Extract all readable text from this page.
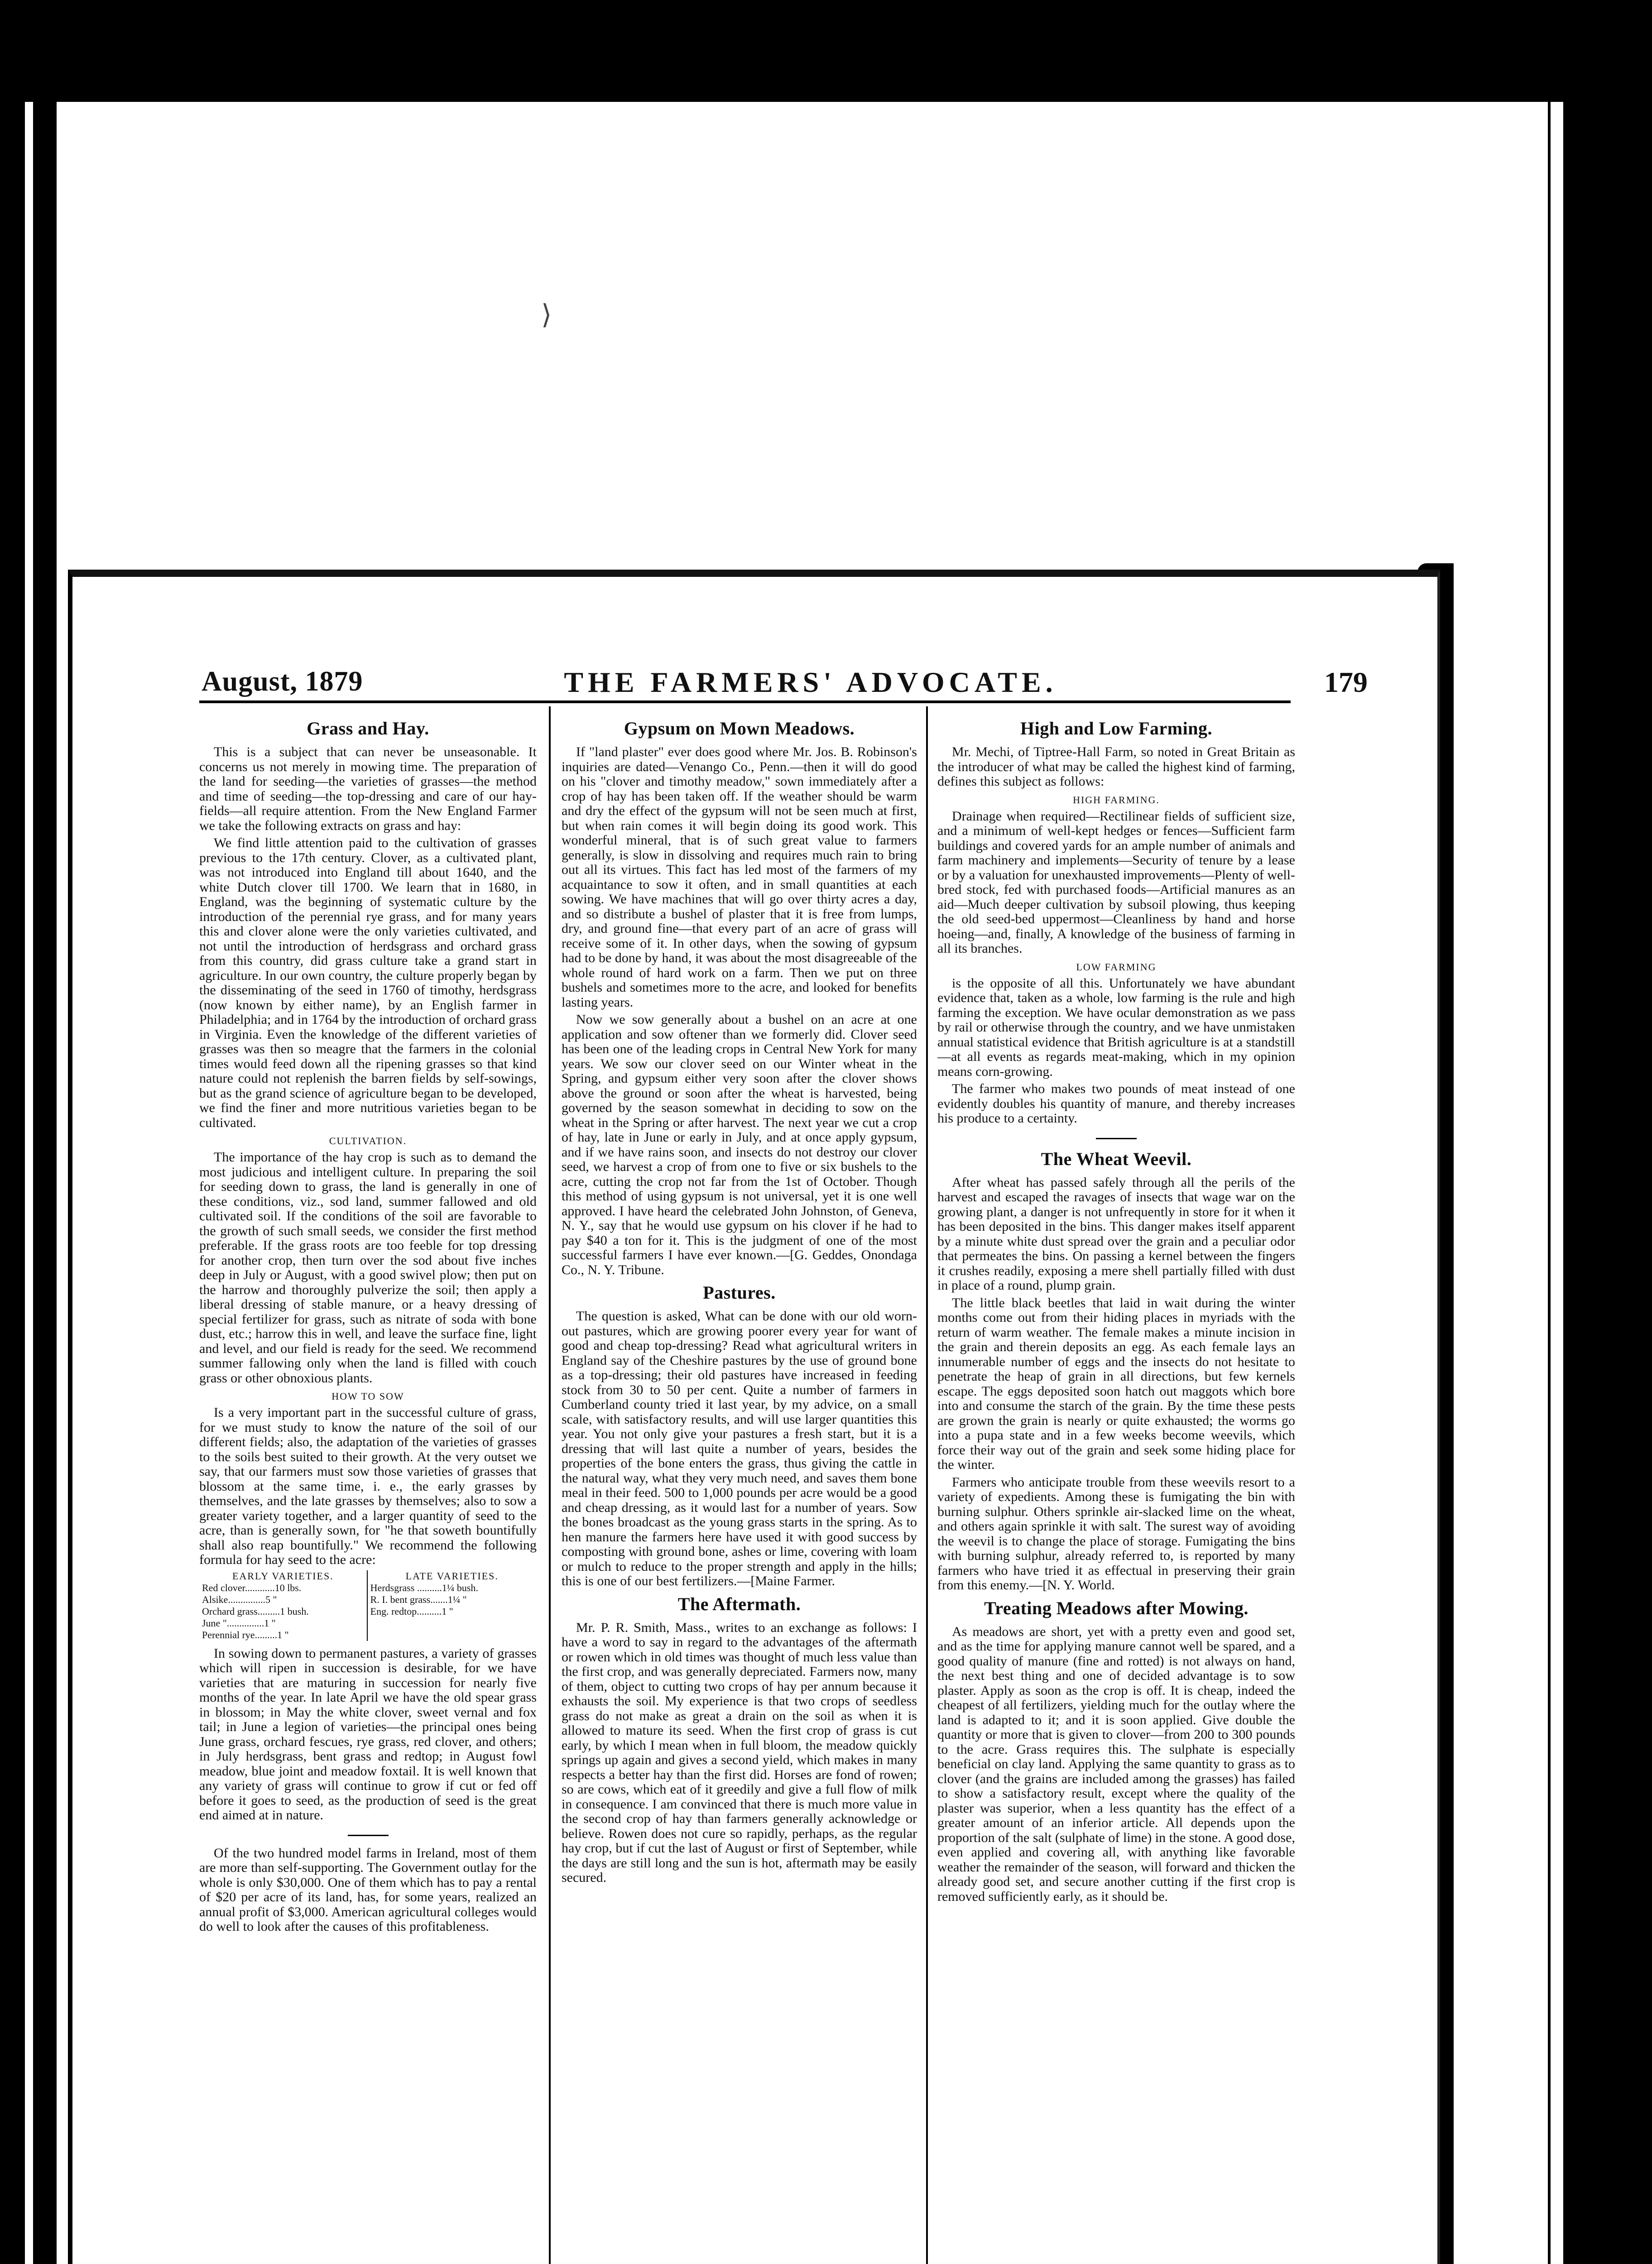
⟩
August, 1879	THE FARMERS' ADVOCATE.	179
Grass and Hay.

This is a subject that can never be unseasonable. It concerns us not merely in mowing time. The preparation of the land for seeding—the varieties of grasses—the method and time of seeding—the top-dressing and care of our hay-fields—all require attention. From the New England Farmer we take the following extracts on grass and hay:

We find little attention paid to the cultivation of grasses previous to the 17th century. Clover, as a cultivated plant, was not introduced into England till about 1640, and the white Dutch clover till 1700. We learn that in 1680, in England, was the beginning of systematic culture by the introduction of the perennial rye grass, and for many years this and clover alone were the only varieties cultivated, and not until the introduction of herdsgrass and orchard grass from this country, did grass culture take a grand start in agriculture. In our own country, the culture properly began by the disseminating of the seed in 1760 of timothy, herdsgrass (now known by either name), by an English farmer in Philadelphia; and in 1764 by the introduction of orchard grass in Virginia. Even the knowledge of the different varieties of grasses was then so meagre that the farmers in the colonial times would feed down all the ripening grasses so that kind nature could not replenish the barren fields by self-sowings, but as the grand science of agriculture began to be developed, we find the finer and more nutritious varieties began to be cultivated.

CULTIVATION.

The importance of the hay crop is such as to demand the most judicious and intelligent culture. In preparing the soil for seeding down to grass, the land is generally in one of these conditions, viz., sod land, summer fallowed and old cultivated soil. If the conditions of the soil are favorable to the growth of such small seeds, we consider the first method preferable. If the grass roots are too feeble for top dressing for another crop, then turn over the sod about five inches deep in July or August, with a good swivel plow; then put on the harrow and thoroughly pulverize the soil; then apply a liberal dressing of stable manure, or a heavy dressing of special fertilizer for grass, such as nitrate of soda with bone dust, etc.; harrow this in well, and leave the surface fine, light and level, and our field is ready for the seed. We recommend summer fallowing only when the land is filled with couch grass or other obnoxious plants.

HOW TO SOW

Is a very important part in the successful culture of grass, for we must study to know the nature of the soil of our different fields; also, the adaptation of the varieties of grasses to the soils best suited to their growth. At the very outset we say, that our farmers must sow those varieties of grasses that blossom at the same time, i. e., the early grasses by themselves, and the late grasses by themselves; also to sow a greater variety together, and a larger quantity of seed to the acre, than is generally sown, for "he that soweth bountifully shall also reap bountifully." We recommend the following formula for hay seed to the acre:

EARLY VARIETIES.	LATE VARIETIES.
Red clover............10 lbs.	Herdsgrass ..........1¼ bush.
Alsike...............5 "	R. I. bent grass.......1¼ "
Orchard grass.........1 bush.	Eng. redtop..........1 "
June "...............1 "	
Perennial rye.........1 "	

In sowing down to permanent pastures, a variety of grasses which will ripen in succession is desirable, for we have varieties that are maturing in succession for nearly five months of the year. In late April we have the old spear grass in blossom; in May the white clover, sweet vernal and fox tail; in June a legion of varieties—the principal ones being June grass, orchard fescues, rye grass, red clover, and others; in July herdsgrass, bent grass and redtop; in August fowl meadow, blue joint and meadow foxtail. It is well known that any variety of grass will continue to grow if cut or fed off before it goes to seed, as the production of seed is the great end aimed at in nature.

Of the two hundred model farms in Ireland, most of them are more than self-supporting. The Government outlay for the whole is only $30,000. One of them which has to pay a rental of $20 per acre of its land, has, for some years, realized an annual profit of $3,000. American agricultural colleges would do well to look after the causes of this profitableness.

Gypsum on Mown Meadows.

If "land plaster" ever does good where Mr. Jos. B. Robinson's inquiries are dated—Venango Co., Penn.—then it will do good on his "clover and timothy meadow," sown immediately after a crop of hay has been taken off. If the weather should be warm and dry the effect of the gypsum will not be seen much at first, but when rain comes it will begin doing its good work. This wonderful mineral, that is of such great value to farmers generally, is slow in dissolving and requires much rain to bring out all its virtues. This fact has led most of the farmers of my acquaintance to sow it often, and in small quantities at each sowing. We have machines that will go over thirty acres a day, and so distribute a bushel of plaster that it is free from lumps, dry, and ground fine—that every part of an acre of grass will receive some of it. In other days, when the sowing of gypsum had to be done by hand, it was about the most disagreeable of the whole round of hard work on a farm. Then we put on three bushels and sometimes more to the acre, and looked for benefits lasting years.

Now we sow generally about a bushel on an acre at one application and sow oftener than we formerly did. Clover seed has been one of the leading crops in Central New York for many years. We sow our clover seed on our Winter wheat in the Spring, and gypsum either very soon after the clover shows above the ground or soon after the wheat is harvested, being governed by the season somewhat in deciding to sow on the wheat in the Spring or after harvest. The next year we cut a crop of hay, late in June or early in July, and at once apply gypsum, and if we have rains soon, and insects do not destroy our clover seed, we harvest a crop of from one to five or six bushels to the acre, cutting the crop not far from the 1st of October. Though this method of using gypsum is not universal, yet it is one well approved. I have heard the celebrated John Johnston, of Geneva, N. Y., say that he would use gypsum on his clover if he had to pay $40 a ton for it. This is the judgment of one of the most successful farmers I have ever known.—[G. Geddes, Onondaga Co., N. Y. Tribune.

Pastures.

The question is asked, What can be done with our old worn-out pastures, which are growing poorer every year for want of good and cheap top-dressing? Read what agricultural writers in England say of the Cheshire pastures by the use of ground bone as a top-dressing; their old pastures have increased in feeding stock from 30 to 50 per cent. Quite a number of farmers in Cumberland county tried it last year, by my advice, on a small scale, with satisfactory results, and will use larger quantities this year. You not only give your pastures a fresh start, but it is a dressing that will last quite a number of years, besides the properties of the bone enters the grass, thus giving the cattle in the natural way, what they very much need, and saves them bone meal in their feed. 500 to 1,000 pounds per acre would be a good and cheap dressing, as it would last for a number of years. Sow the bones broadcast as the young grass starts in the spring. As to hen manure the farmers here have used it with good success by composting with ground bone, ashes or lime, covering with loam or mulch to reduce to the proper strength and apply in the hills; this is one of our best fertilizers.—[Maine Farmer.

The Aftermath.

Mr. P. R. Smith, Mass., writes to an exchange as follows: I have a word to say in regard to the advantages of the aftermath or rowen which in old times was thought of much less value than the first crop, and was generally depreciated. Farmers now, many of them, object to cutting two crops of hay per annum because it exhausts the soil. My experience is that two crops of seedless grass do not make as great a drain on the soil as when it is allowed to mature its seed. When the first crop of grass is cut early, by which I mean when in full bloom, the meadow quickly springs up again and gives a second yield, which makes in many respects a better hay than the first did. Horses are fond of rowen; so are cows, which eat of it greedily and give a full flow of milk in consequence. I am convinced that there is much more value in the second crop of hay than farmers generally acknowledge or believe. Rowen does not cure so rapidly, perhaps, as the regular hay crop, but if cut the last of August or first of September, while the days are still long and the sun is hot, aftermath may be easily secured.

High and Low Farming.

Mr. Mechi, of Tiptree-Hall Farm, so noted in Great Britain as the introducer of what may be called the highest kind of farming, defines this subject as follows:

HIGH FARMING.

Drainage when required—Rectilinear fields of sufficient size, and a minimum of well-kept hedges or fences—Sufficient farm buildings and covered yards for an ample number of animals and farm machinery and implements—Security of tenure by a lease or by a valuation for unexhausted improvements—Plenty of well-bred stock, fed with purchased foods—Artificial manures as an aid—Much deeper cultivation by subsoil plowing, thus keeping the old seed-bed uppermost—Cleanliness by hand and horse hoeing—and, finally, A knowledge of the business of farming in all its branches.

LOW FARMING

is the opposite of all this. Unfortunately we have abundant evidence that, taken as a whole, low farming is the rule and high farming the exception. We have ocular demonstration as we pass by rail or otherwise through the country, and we have unmistaken annual statistical evidence that British agriculture is at a standstill—at all events as regards meat-making, which in my opinion means corn-growing.

The farmer who makes two pounds of meat instead of one evidently doubles his quantity of manure, and thereby increases his produce to a certainty.

The Wheat Weevil.

After wheat has passed safely through all the perils of the harvest and escaped the ravages of insects that wage war on the growing plant, a danger is not unfrequently in store for it when it has been deposited in the bins. This danger makes itself apparent by a minute white dust spread over the grain and a peculiar odor that permeates the bins. On passing a kernel between the fingers it crushes readily, exposing a mere shell partially filled with dust in place of a round, plump grain.

The little black beetles that laid in wait during the winter months come out from their hiding places in myriads with the return of warm weather. The female makes a minute incision in the grain and therein deposits an egg. As each female lays an innumerable number of eggs and the insects do not hesitate to penetrate the heap of grain in all directions, but few kernels escape. The eggs deposited soon hatch out maggots which bore into and consume the starch of the grain. By the time these pests are grown the grain is nearly or quite exhausted; the worms go into a pupa state and in a few weeks become weevils, which force their way out of the grain and seek some hiding place for the winter.

Farmers who anticipate trouble from these weevils resort to a variety of expedients. Among these is fumigating the bin with burning sulphur. Others sprinkle air-slacked lime on the wheat, and others again sprinkle it with salt. The surest way of avoiding the weevil is to change the place of storage. Fumigating the bins with burning sulphur, already referred to, is reported by many farmers who have tried it as effectual in preserving their grain from this enemy.—[N. Y. World.

Treating Meadows after Mowing.

As meadows are short, yet with a pretty even and good set, and as the time for applying manure cannot well be spared, and a good quality of manure (fine and rotted) is not always on hand, the next best thing and one of decided advantage is to sow plaster. Apply as soon as the crop is off. It is cheap, indeed the cheapest of all fertilizers, yielding much for the outlay where the land is adapted to it; and it is soon applied. Give double the quantity or more that is given to clover—from 200 to 300 pounds to the acre. Grass requires this. The sulphate is especially beneficial on clay land. Applying the same quantity to grass as to clover (and the grains are included among the grasses) has failed to show a satisfactory result, except where the quality of the plaster was superior, when a less quantity has the effect of a greater amount of an inferior article. All depends upon the proportion of the salt (sulphate of lime) in the stone. A good dose, even applied and covering all, with anything like favorable weather the remainder of the season, will forward and thicken the already good set, and secure another cutting if the first crop is removed sufficiently early, as it should be.
